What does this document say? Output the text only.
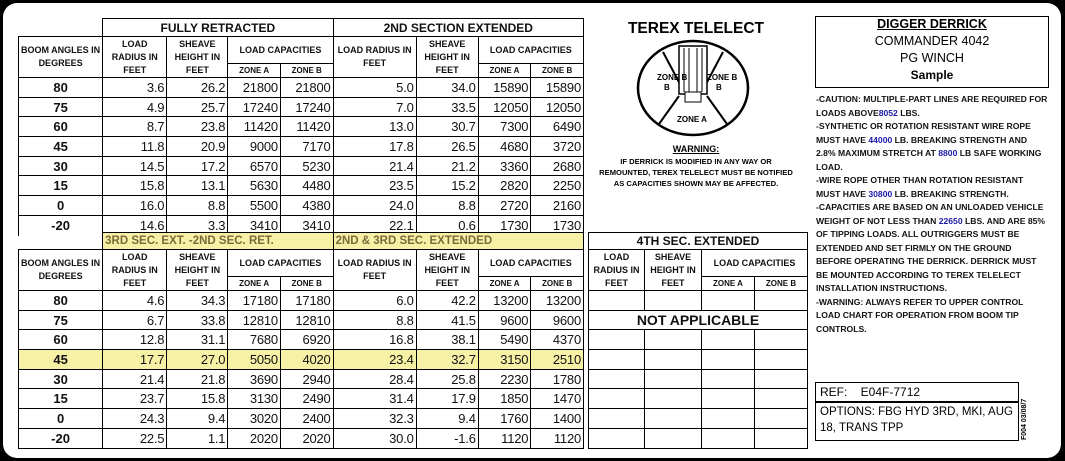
	FULLY RETRACTED				2ND SECTION EXTENDED			
BOOM ANGLES IN DEGREES	LOAD RADIUS IN FEET	SHEAVE HEIGHT IN FEET	LOAD CAPACITIES		LOAD RADIUS IN FEET	SHEAVE HEIGHT IN FEET	LOAD CAPACITIES	
			ZONE A	ZONE B			ZONE A	ZONE B
80	3.6	26.2	21800	21800	5.0	34.0	15890	15890
75	4.9	25.7	17240	17240	7.0	33.5	12050	12050
60	8.7	23.8	11420	11420	13.0	30.7	7300	6490
45	11.8	20.9	9000	7170	17.8	26.5	4680	3720
30	14.5	17.2	6570	5230	21.4	21.2	3360	2680
15	15.8	13.1	5630	4480	23.5	15.2	2820	2250
0	16.0	8.8	5500	4380	24.0	8.8	2720	2160
-20	14.6	3.3	3410	3410	22.1	0.6	1730	1730
	3RD SEC. EXT. -2ND SEC. RET.				2ND & 3RD SEC. EXTENDED			
BOOM ANGLES IN DEGREES	LOAD RADIUS IN FEET	SHEAVE HEIGHT IN FEET	LOAD CAPACITIES		LOAD RADIUS IN FEET	SHEAVE HEIGHT IN FEET	LOAD CAPACITIES	
			ZONE A	ZONE B			ZONE A	ZONE B
80	4.6	34.3	17180	17180	6.0	42.2	13200	13200
75	6.7	33.8	12810	12810	8.8	41.5	9600	9600
60	12.8	31.1	7680	6920	16.8	38.1	5490	4370
45	17.7	27.0	5050	4020	23.4	32.7	3150	2510
30	21.4	21.8	3690	2940	28.4	25.8	2230	1780
15	23.7	15.8	3130	2490	31.4	17.9	1850	1470
0	24.3	9.4	3020	2400	32.3	9.4	1760	1400
-20	22.5	1.1	2020	2020	30.0	-1.6	1120	1120
4TH SEC. EXTENDED			
LOAD RADIUS IN FEET	SHEAVE HEIGHT IN FEET	LOAD CAPACITIES	
		ZONE A	ZONE B

NOT APPLICABLE			

TEREX TELELECT
ZONE B
B
ZONE B
B
ZONE A
WARNING:
IF DERRICK IS MODIFIED IN ANY WAY OR REMOUNTED, TEREX TELELECT MUST BE NOTIFIED AS CAPACITIES SHOWN MAY BE AFFECTED.
DIGGER DERRICK
COMMANDER 4042
PG WINCH
Sample
-CAUTION: MULTIPLE-PART LINES ARE REQUIRED FOR LOADS ABOVE8052 LBS.
-SYNTHETIC OR ROTATION RESISTANT WIRE ROPE MUST HAVE 44000 LB. BREAKING STRENGTH AND 2.8% MAXIMUM STRETCH AT 8800 LB SAFE WORKING LOAD.
-WIRE ROPE OTHER THAN ROTATION RESISTANT MUST HAVE 30800 LB. BREAKING STRENGTH.
-CAPACITIES ARE BASED ON AN UNLOADED VEHICLE WEIGHT OF NOT LESS THAN 22650 LBS. AND ARE 85% OF TIPPING LOADS. ALL OUTRIGGERS MUST BE EXTENDED AND SET FIRMLY ON THE GROUND BEFORE OPERATING THE DERRICK. DERRICK MUST BE MOUNTED ACCORDING TO TEREX TELELECT INSTALLATION INSTRUCTIONS.
-WARNING: ALWAYS REFER TO UPPER CONTROL LOAD CHART FOR OPERATION FROM BOOM TIP CONTROLS.
REF:    E04F-7712
OPTIONS: FBG HYD 3RD, MKI, AUG 18, TRANS TPP	F004 03/08/7
